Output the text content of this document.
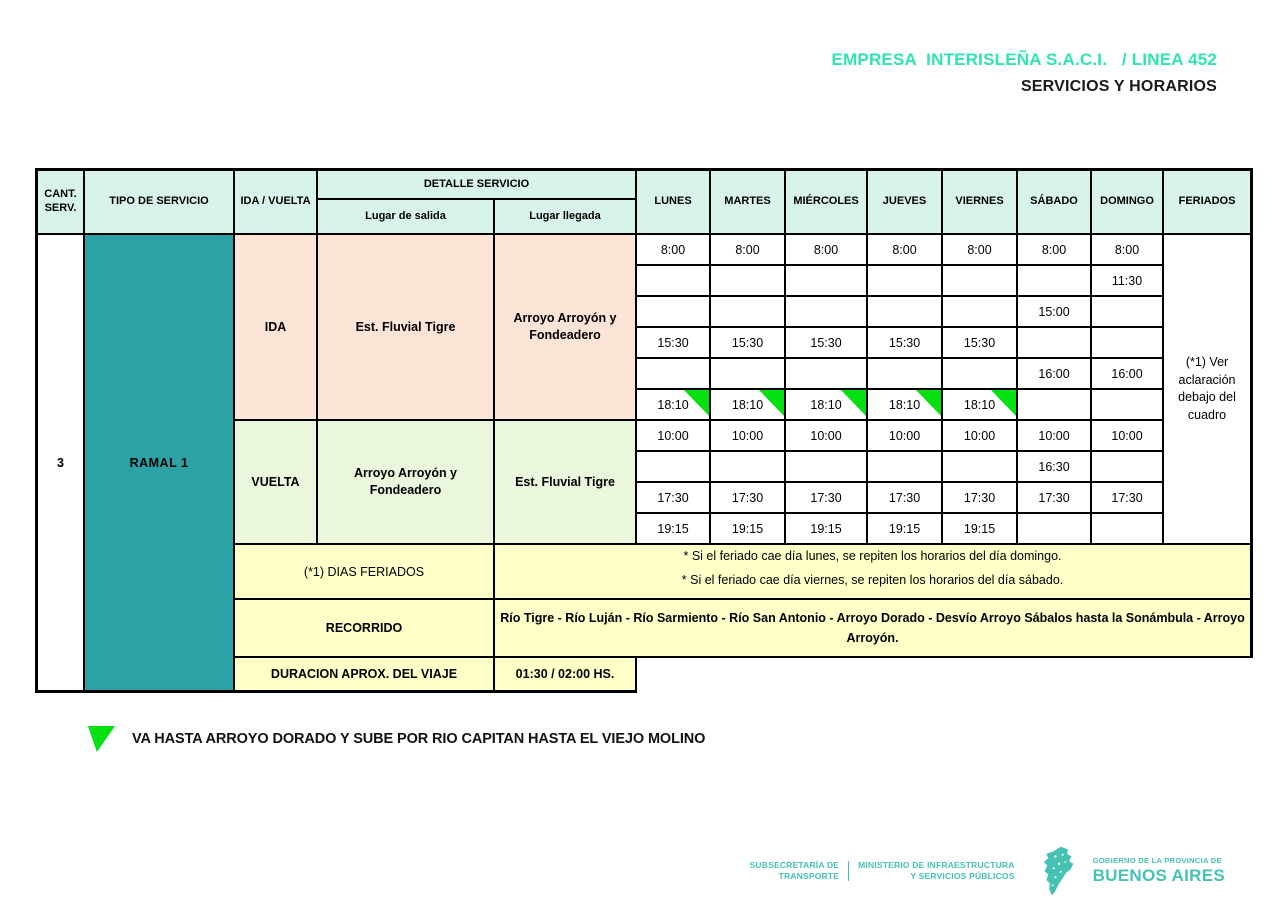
EMPRESA  INTERISLEÑA S.A.C.I.   / LINEA 452
SERVICIOS Y HORARIOS
CANT. SERV.	TIPO DE SERVICIO	IDA / VUELTA	DETALLE SERVICIO		LUNES	MARTES	MIÉRCOLES	JUEVES	VIERNES	SÁBADO	DOMINGO	FERIADOS
			Lugar de salida	Lugar llegada								
3	RAMAL 1	IDA	Est. Fluvial Tigre	Arroyo Arroyón y Fondeadero	8:00	8:00	8:00	8:00	8:00	8:00	8:00	(*1) Ver aclaración debajo del cuadro
											11:30	
										15:00		
					15:30	15:30	15:30	15:30	15:30			
										16:00	16:00	
					18:10	18:10	18:10	18:10	18:10	

		VUELTA	Arroyo Arroyón y Fondeadero	Est. Fluvial Tigre	10:00	10:00	10:00	10:00	10:00	10:00	10:00	
										16:30		
					17:30	17:30	17:30	17:30	17:30	17:30	17:30	
					19:15	19:15	19:15	19:15	19:15			
		(*1) DIAS FERIADOS		* Si el feriado cae día lunes, se repiten los horarios del día domingo.
* Si el feriado cae día viernes, se repiten los horarios del día sábado.								

		RECORRIDO		Río Tigre - Río Luján - Río Sarmiento - Río San Antonio - Arroyo Dorado - Desvío Arroyo Sábalos hasta la Sonámbula - Arroyo Arroyón.								
		DURACION APROX. DEL VIAJE		01:30 / 02:00 HS.								
VA HASTA ARROYO DORADO Y SUBE POR RIO CAPITAN HASTA EL VIEJO MOLINO
SUBSECRETARÍA DE
TRANSPORTE
MINISTERIO DE INFRAESTRUCTURA
Y SERVICIOS PÚBLICOS
GOBIERNO DE LA PROVINCIA DE
BUENOS AIRES
